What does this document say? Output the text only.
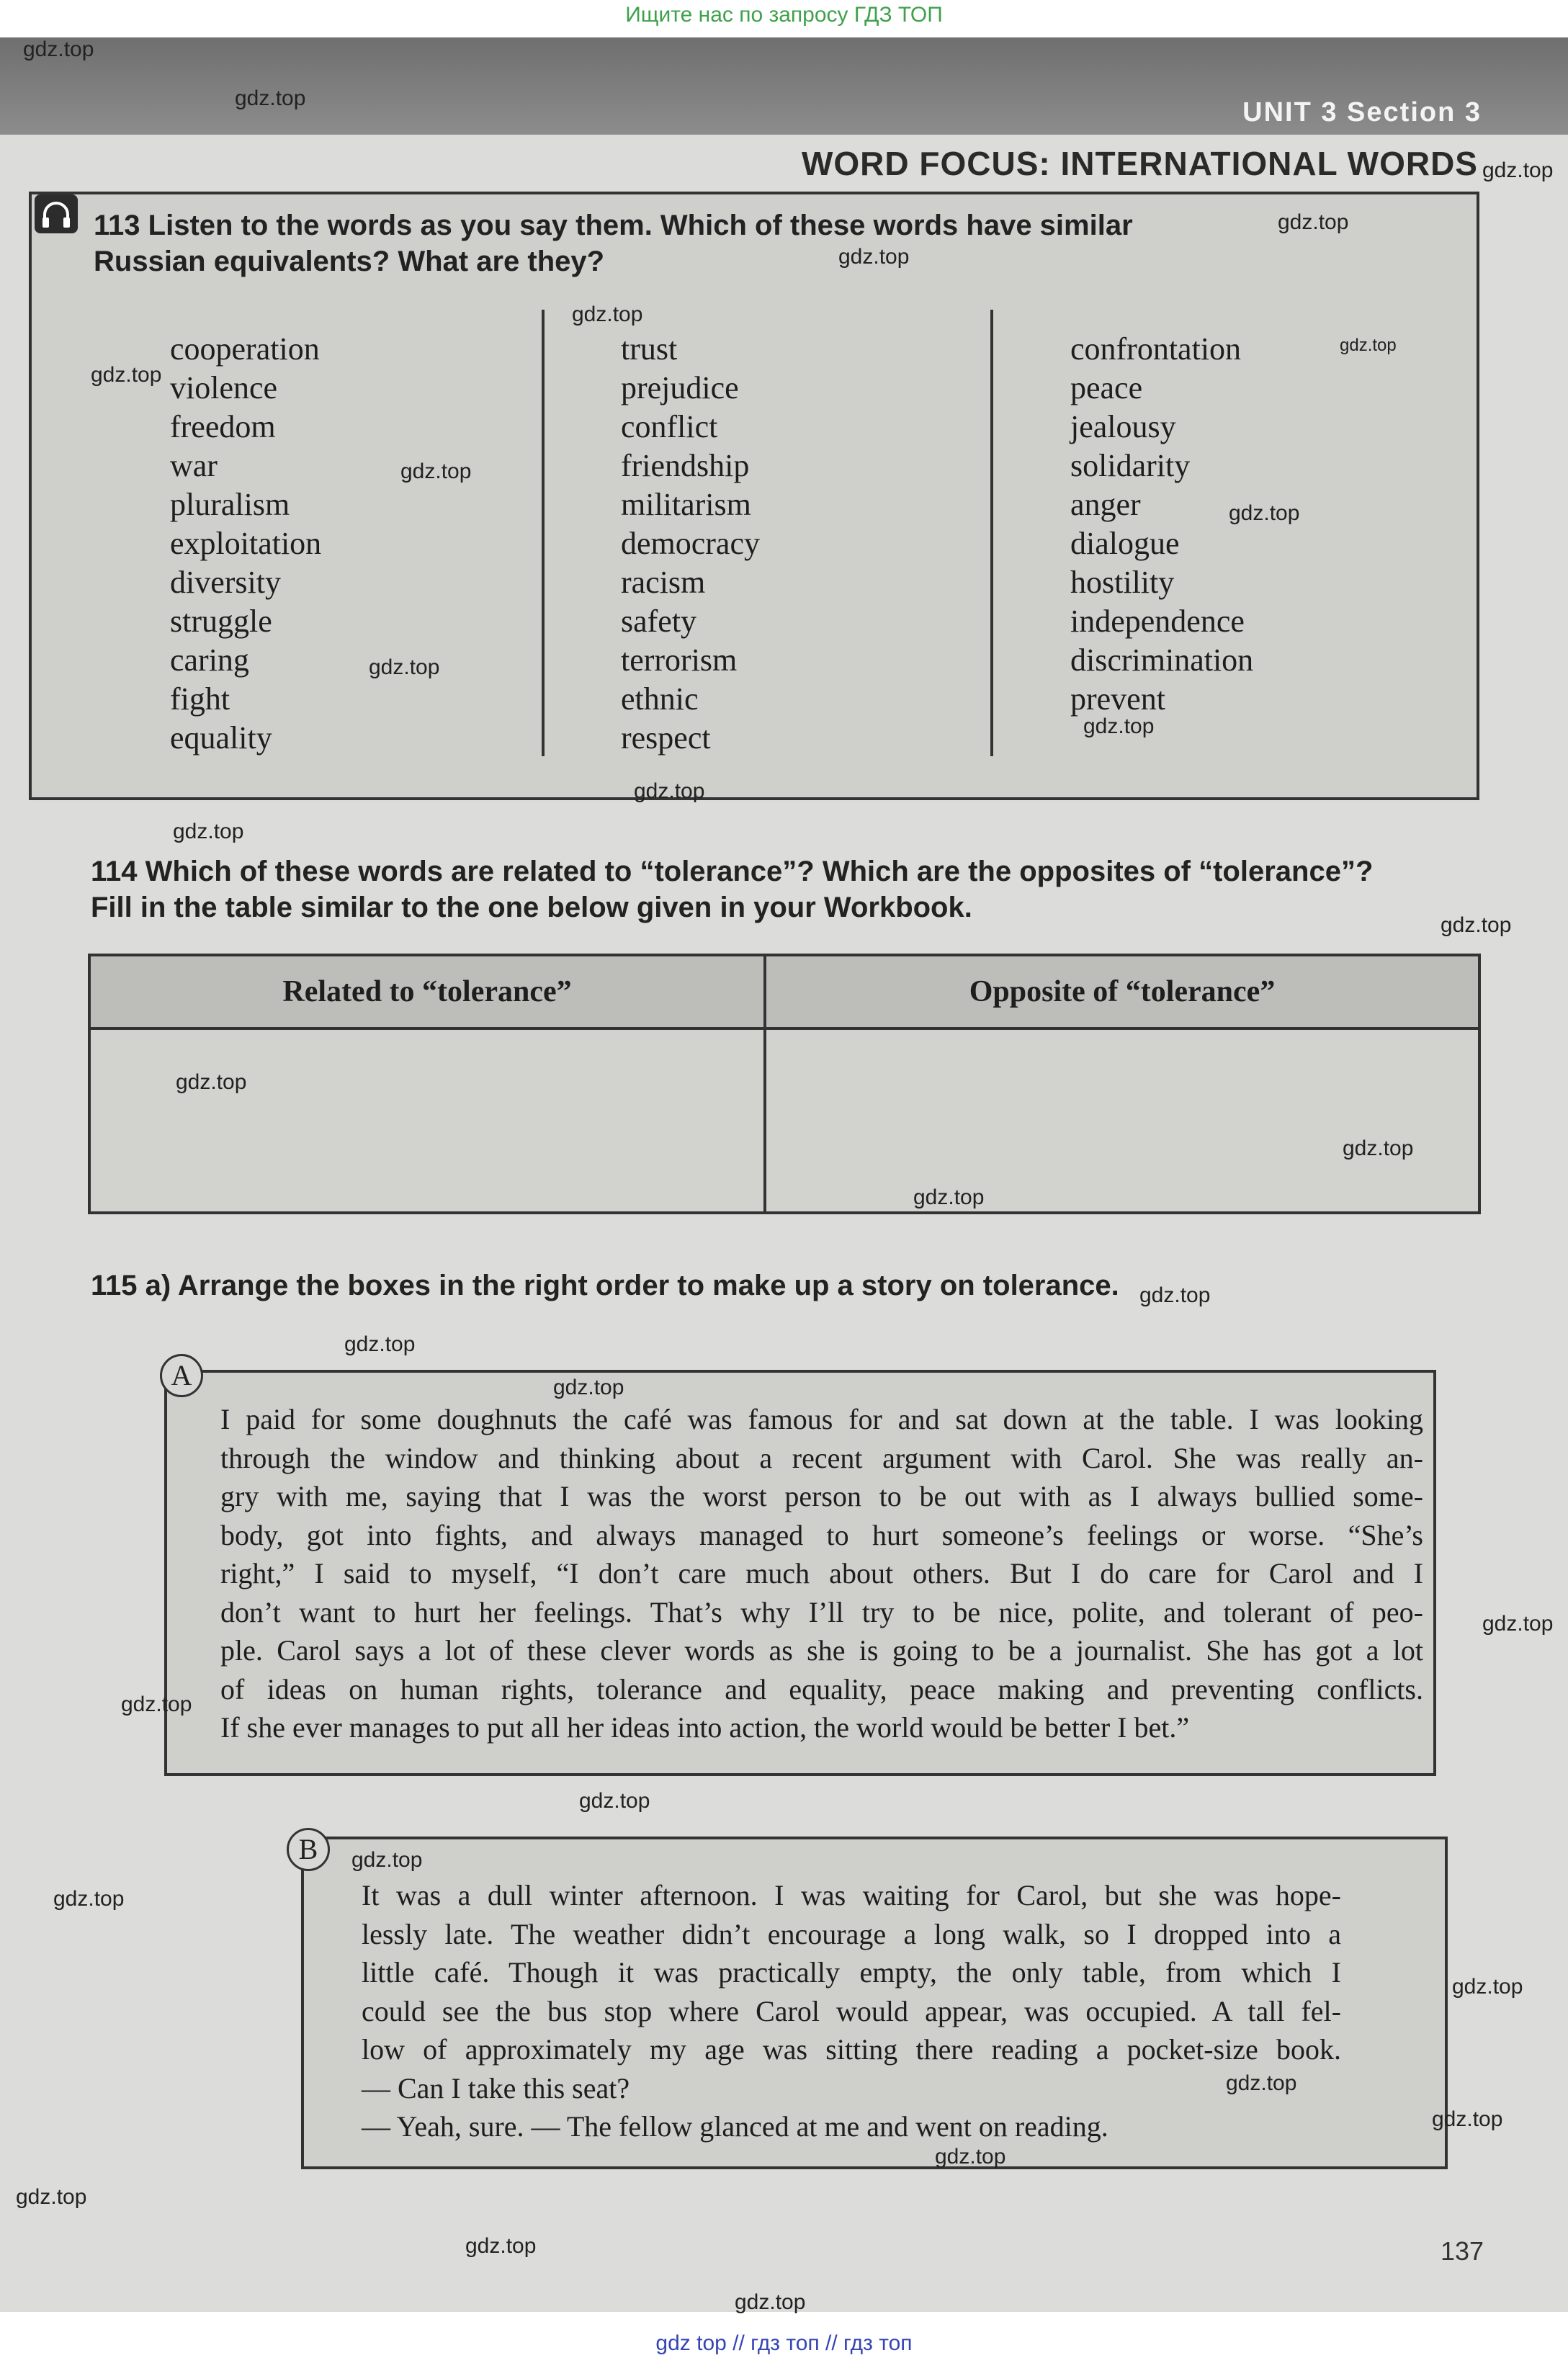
Ищите нас по запросу ГДЗ ТОП
UNIT 3 Section 3
WORD FOCUS: INTERNATIONAL WORDS
113 Listen to the words as you say them. Which of these words have similar
Russian equivalents? What are they?
cooperation
violence
freedom
war
pluralism
exploitation
diversity
struggle
caring
fight
equality
trust
prejudice
conflict
friendship
militarism
democracy
racism
safety
terrorism
ethnic
respect
confrontation
peace
jealousy
solidarity
anger
dialogue
hostility
independence
discrimination
prevent
114 Which of these words are related to “tolerance”? Which are the opposites of “tolerance”?
Fill in the table similar to the one below given in your Workbook.
Related to “tolerance”	Opposite of “tolerance”

115 a) Arrange the boxes in the right order to make up a story on tolerance.
A
I paid for some doughnuts the café was famous for and sat down at the table. I was looking
through the window and thinking about a recent argument with Carol. She was really an-
gry with me, saying that I was the worst person to be out with as I always bullied some-
body, got into fights, and always managed to hurt someone’s feelings or worse. “She’s
right,” I said to myself, “I don’t care much about others. But I do care for Carol and I
don’t want to hurt her feelings. That’s why I’ll try to be nice, polite, and tolerant of peo-
ple. Carol says a lot of these clever words as she is going to be a journalist. She has got a lot
of ideas on human rights, tolerance and equality, peace making and preventing conflicts.
If she ever manages to put all her ideas into action, the world would be better I bet.”
B
It was a dull winter afternoon. I was waiting for Carol, but she was hope-
lessly late. The weather didn’t encourage a long walk, so I dropped into a
little café. Though it was practically empty, the only table, from which I
could see the bus stop where Carol would appear, was occupied. A tall fel-
low of approximately my age was sitting there reading a pocket-size book.
— Can I take this seat?
— Yeah, sure. — The fellow glanced at me and went on reading.
137
gdz.top
gdz.top
gdz.top
gdz.top
gdz.top
gdz.top
gdz.top
gdz.top
gdz.top
gdz.top
gdz.top
gdz.top
gdz.top
gdz.top
gdz.top
gdz.top
gdz.top
gdz.top
gdz.top
gdz.top
gdz.top
gdz.top
gdz.top
gdz.top
gdz.top
gdz.top
gdz.top
gdz.top
gdz.top
gdz.top
gdz.top
gdz.top
gdz.top
gdz top // гдз топ // гдз топ
